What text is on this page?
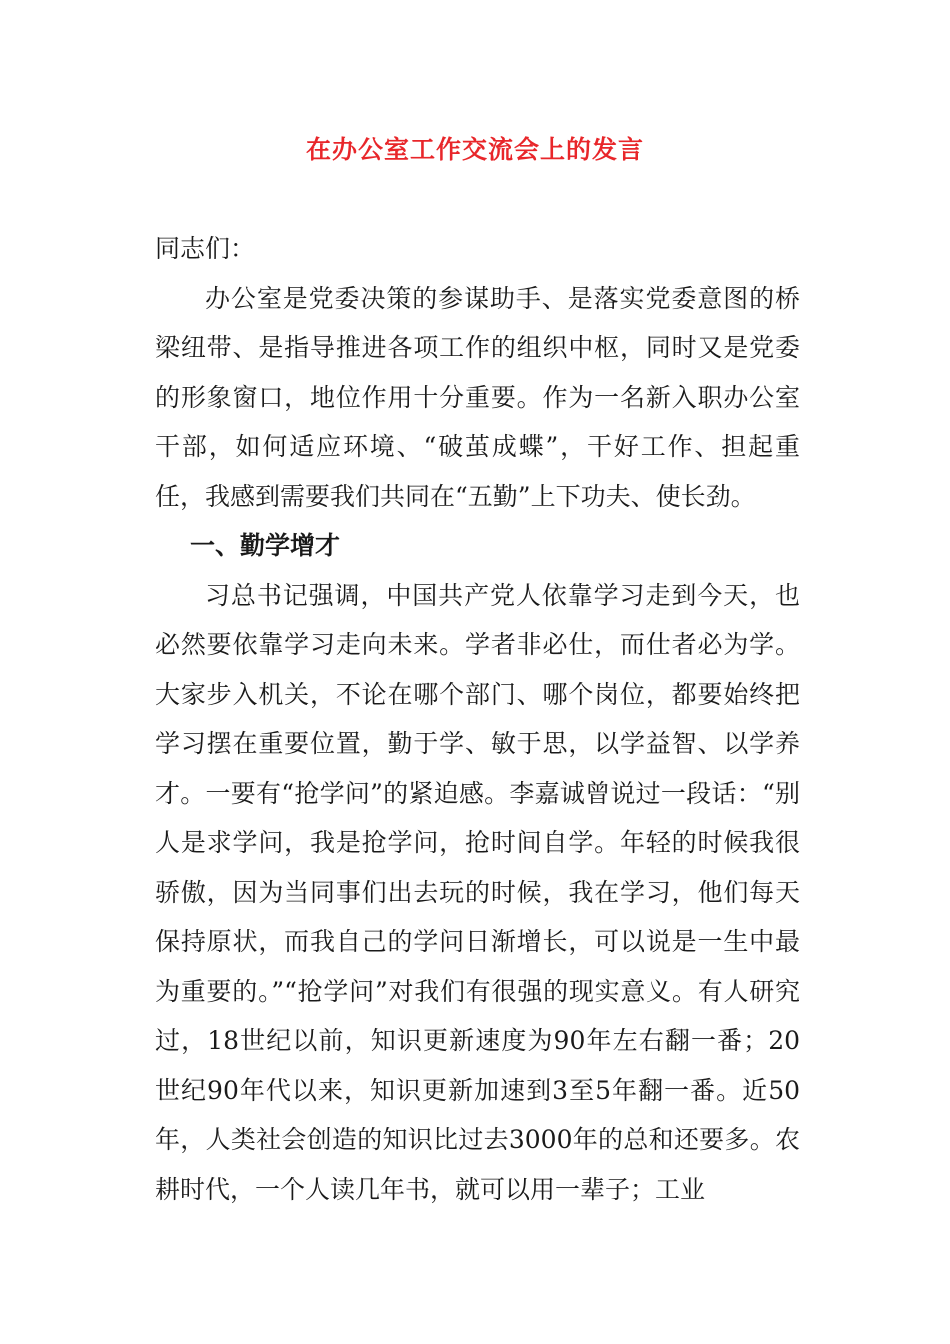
在办公室工作交流会上的发言

同志们：

办公室是党委决策的参谋助手、是落实党委意图的桥梁纽带、是指导推进各项工作的组织中枢，同时又是党委的形象窗口，地位作用十分重要。作为一名新入职办公室干部，如何适应环境、“破茧成蝶”，干好工作、担起重任，我感到需要我们共同在“五勤”上下功夫、使长劲。

一、勤学增才

习总书记强调，中国共产党人依靠学习走到今天，也必然要依靠学习走向未来。学者非必仕，而仕者必为学。大家步入机关，不论在哪个部门、哪个岗位，都要始终把学习摆在重要位置，勤于学、敏于思，以学益智、以学养才。一要有“抢学问”的紧迫感。李嘉诚曾说过一段话：“别人是求学问，我是抢学问，抢时间自学。年轻的时候我很骄傲，因为当同事们出去玩的时候，我在学习，他们每天保持原状，而我自己的学问日渐增长，可以说是一生中最为重要的。”“抢学问”对我们有很强的现实意义。有人研究过，18世纪以前，知识更新速度为90年左右翻一番；20世纪90年代以来，知识更新加速到3至5年翻一番。近50年，人类社会创造的知识比过去3000年的总和还要多。农耕时代，一个人读几年书，就可以用一辈子；工业
